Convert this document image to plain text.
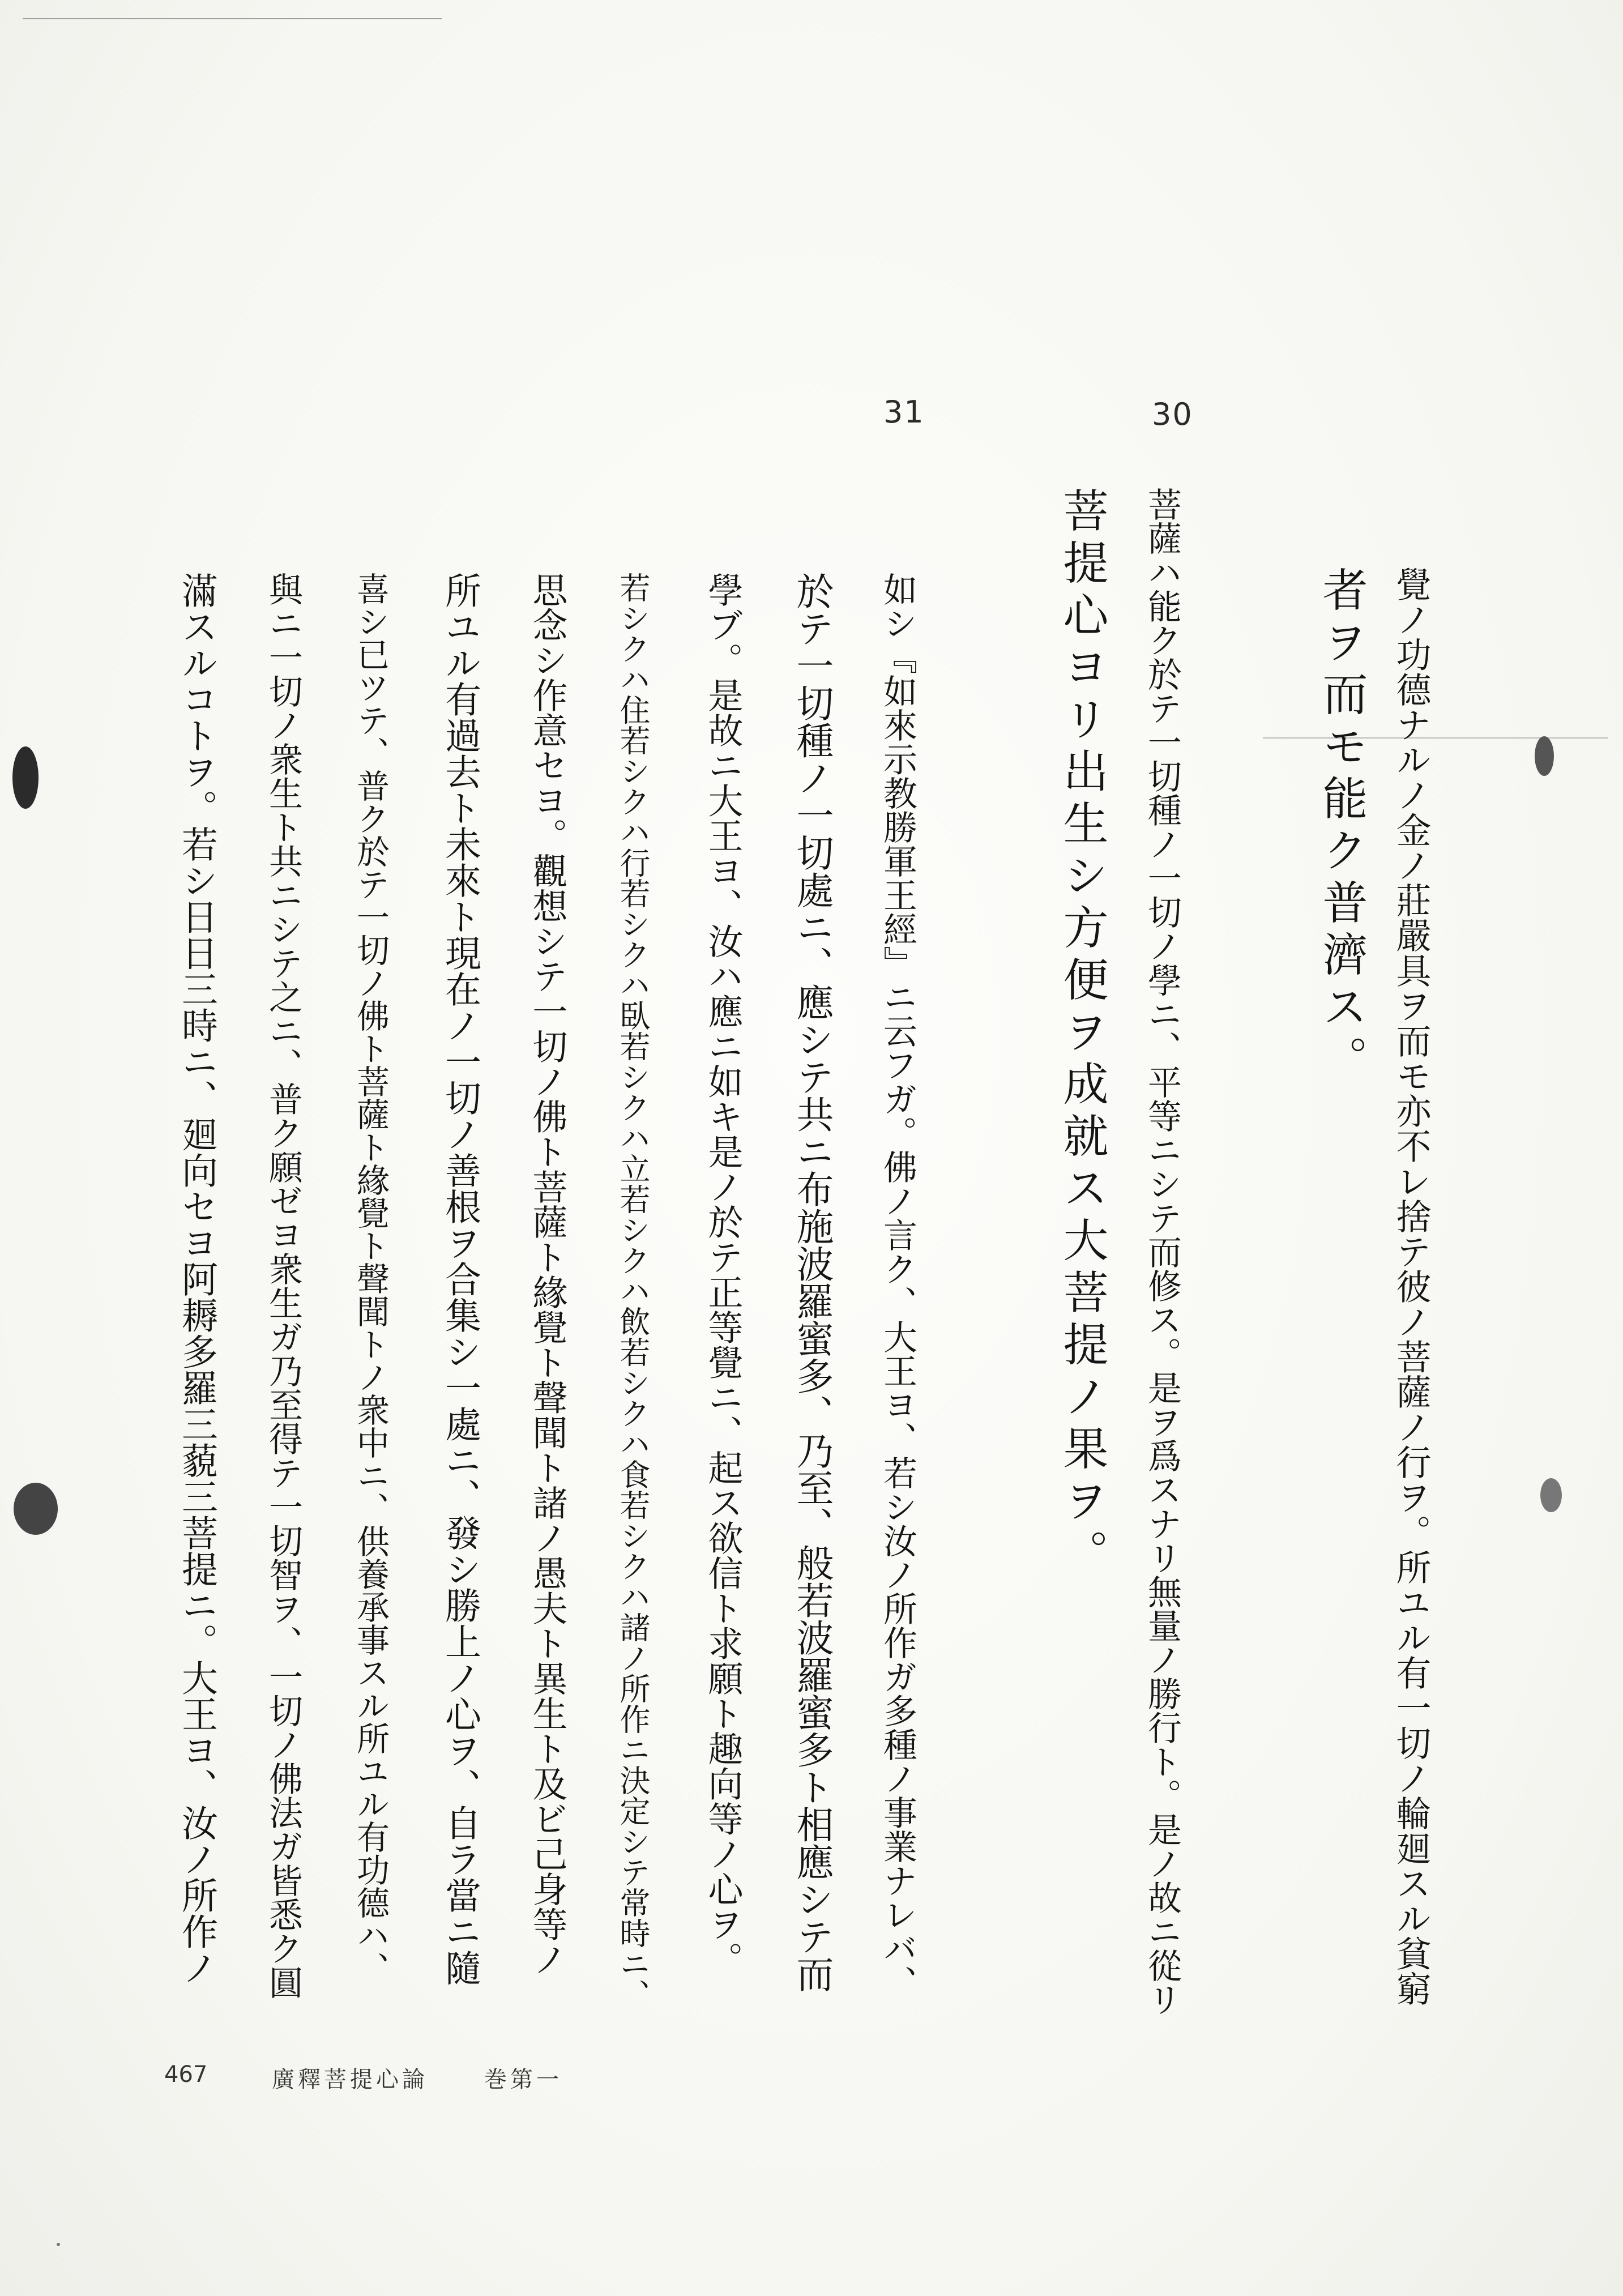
30
31
覺ノ功德ナルノ金ノ莊嚴具ヲ而モ亦不レ捨テ彼ノ菩薩ノ行ヲ。所ユル有一切ノ輪廻スル貧窮
者ヲ而モ能ク普濟ス。
菩薩ハ能ク於テ一切種ノ一切ノ學ニ、平等ニシテ而修ス。是ヲ爲スナリ無量ノ勝行ト。是ノ故ニ從リ
菩提心ヨリ出生シ方便ヲ成就ス大菩提ノ果ヲ。
如シ『如來示教勝軍王經』ニ云フガ。佛ノ言ク、大王ヨ、若シ汝ノ所作ガ多種ノ事業ナレバ、
於テ一切種ノ一切處ニ、應シテ共ニ布施波羅蜜多、乃至、般若波羅蜜多ト相應シテ而
學ブ。是故ニ大王ヨ、汝ハ應ニ如キ是ノ於テ正等覺ニ、起ス欲信ト求願ト趣向等ノ心ヲ。
若シクハ住若シクハ行若シクハ臥若シクハ立若シクハ飲若シクハ食若シクハ諸ノ所作ニ決定シテ常時ニ、
思念シ作意セヨ。觀想シテ一切ノ佛ト菩薩ト緣覺ト聲聞ト諸ノ愚夫ト異生ト及ビ己身等ノ
所ユル有過去ト未來ト現在ノ一切ノ善根ヲ合集シ一處ニ、發シ勝上ノ心ヲ、自ラ當ニ隨
喜シ已ツテ、普ク於テ一切ノ佛ト菩薩ト緣覺ト聲聞トノ衆中ニ、供養承事スル所ユル有功德ハ、
與ニ一切ノ衆生ト共ニシテ之ニ、普ク願ゼヨ衆生ガ乃至得テ一切智ヲ、一切ノ佛法ガ皆悉ク圓
滿スルコトヲ。若シ日日三時ニ、廻向セヨ阿耨多羅三藐三菩提ニ。大王ヨ、汝ノ所作ノ
467	廣釋菩提心論 巻第一
